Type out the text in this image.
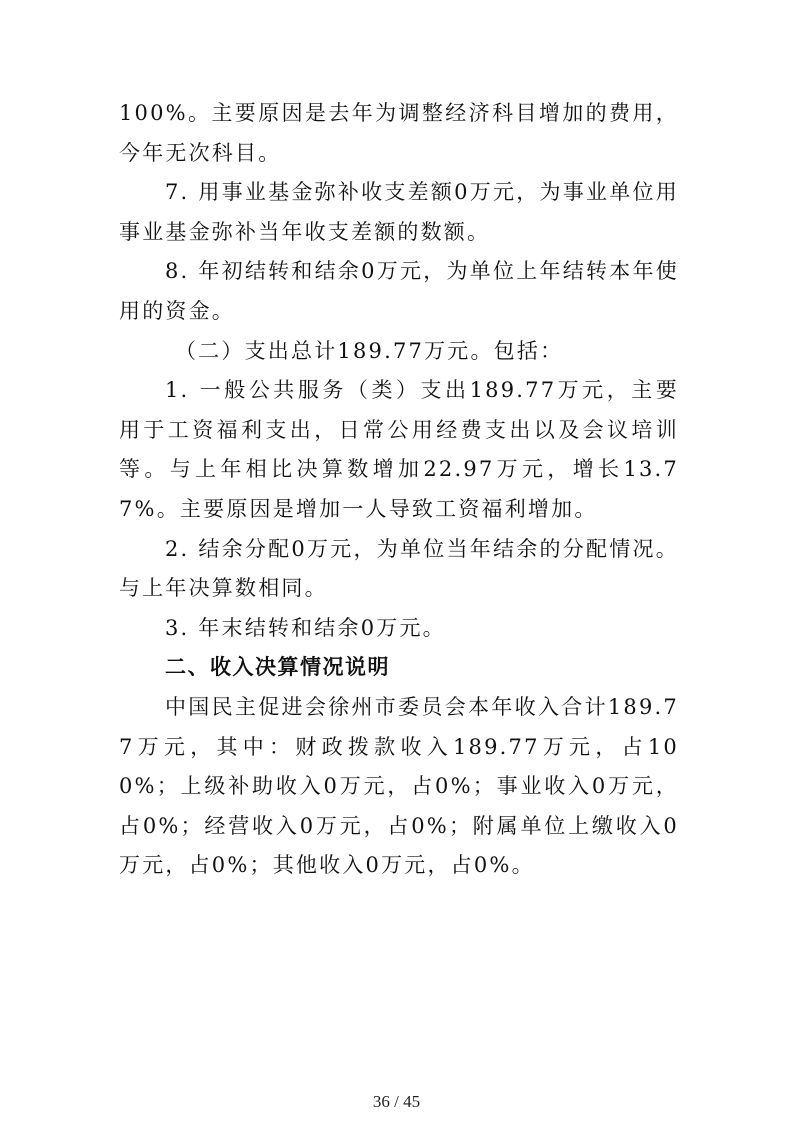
100%。主要原因是去年为调整经济科目增加的费用，今年无次科目。

7. 用事业基金弥补收支差额0万元，为事业单位用事业基金弥补当年收支差额的数额。

8. 年初结转和结余0万元，为单位上年结转本年使用的资金。

（二）支出总计189.77万元。包括：

1. 一般公共服务（类）支出189.77万元，主要用于工资福利支出，日常公用经费支出以及会议培训等。与上年相比决算数增加22.97万元，增长13.77%。主要原因是增加一人导致工资福利增加。

2. 结余分配0万元，为单位当年结余的分配情况。与上年决算数相同。

3. 年末结转和结余0万元。

二、收入决算情况说明

中国民主促进会徐州市委员会本年收入合计189.77万元，其中：财政拨款收入189.77万元，占100%；上级补助收入0万元，占0%；事业收入0万元，占0%；经营收入0万元，占0%；附属单位上缴收入0万元，占0%；其他收入0万元，占0%。

36 / 45
